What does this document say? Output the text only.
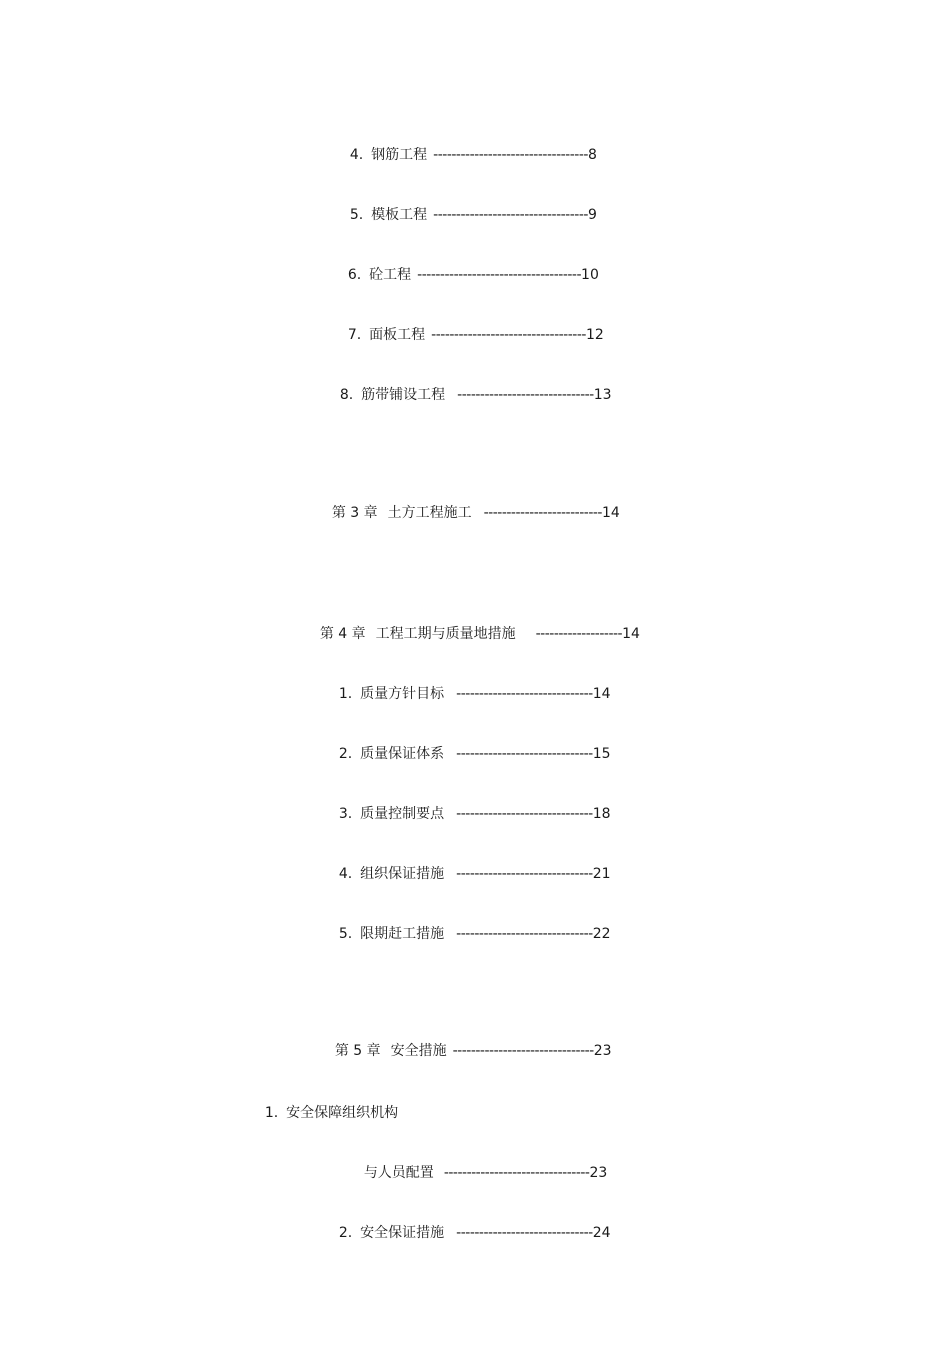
4. 钢筋工程 ----------------------------------8

5. 模板工程 ----------------------------------9

6. 砼工程 ------------------------------------10

7. 面板工程 ----------------------------------12

8. 筋带铺设工程 ------------------------------13

第 3 章 土方工程施工 --------------------------14

第 4 章 工程工期与质量地措施 -------------------14

1. 质量方针目标 ------------------------------14

2. 质量保证体系 ------------------------------15

3. 质量控制要点 ------------------------------18

4. 组织保证措施 ------------------------------21

5. 限期赶工措施 ------------------------------22

第 5 章 安全措施 -------------------------------23

1. 安全保障组织机构

与人员配置 --------------------------------23

2. 安全保证措施 ------------------------------24
